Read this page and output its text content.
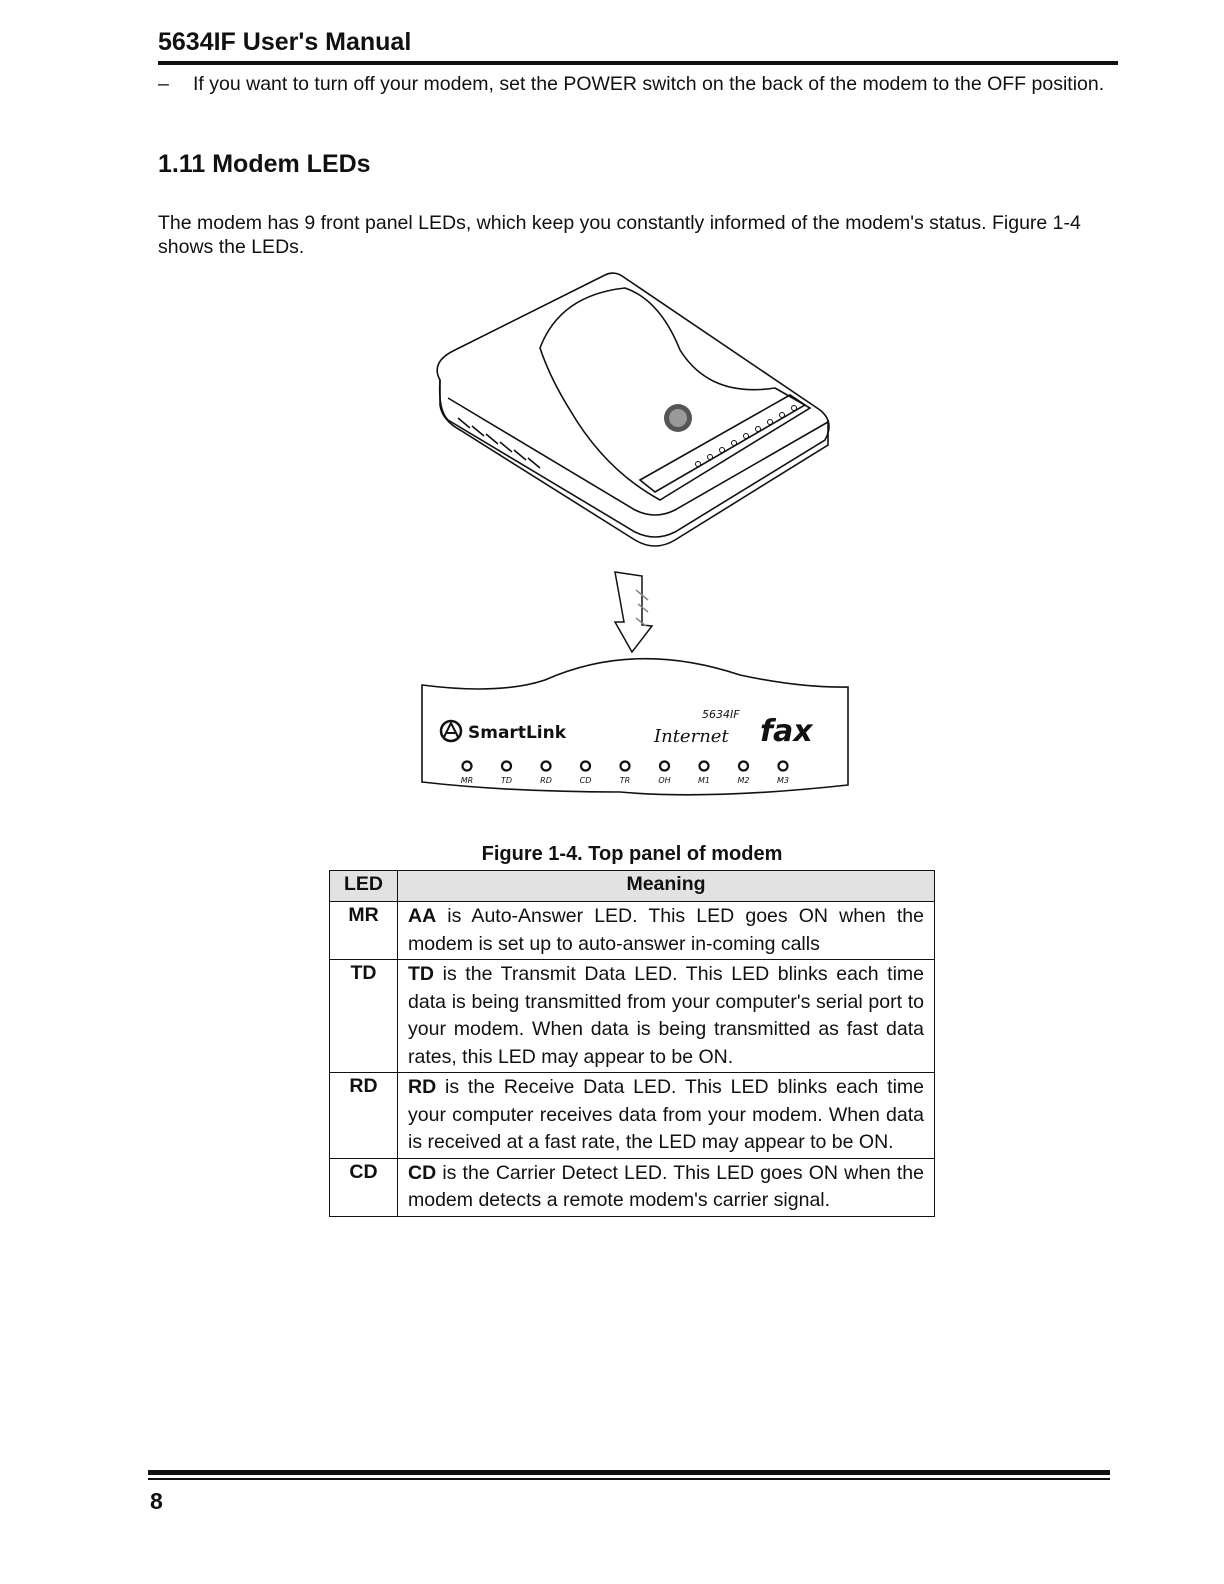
5634IF User's Manual
– If you want to turn off your modem, set the POWER switch on the back of the modem to the OFF position.
1.11 Modem LEDs
The modem has 9 front panel LEDs, which keep you constantly informed of the modem's status. Figure 1-4 shows the LEDs.
SmartLink
5634IF
Internet fax
MR	TD	RD	CD	TR	OH	M1	M2	M3
Figure 1-4. Top panel of modem
LED	Meaning
MR	AA is Auto-Answer LED. This LED goes ON when the modem is set up to auto-answer in-coming calls
TD	TD is the Transmit Data LED. This LED blinks each time data is being transmitted from your computer's serial port to your modem. When data is being transmitted as fast data rates, this LED may appear to be ON.
RD	RD is the Receive Data LED. This LED blinks each time your computer receives data from your modem. When data is received at a fast rate, the LED may appear to be ON.
CD	CD is the Carrier Detect LED. This LED goes ON when the modem detects a remote modem's carrier signal.
8
